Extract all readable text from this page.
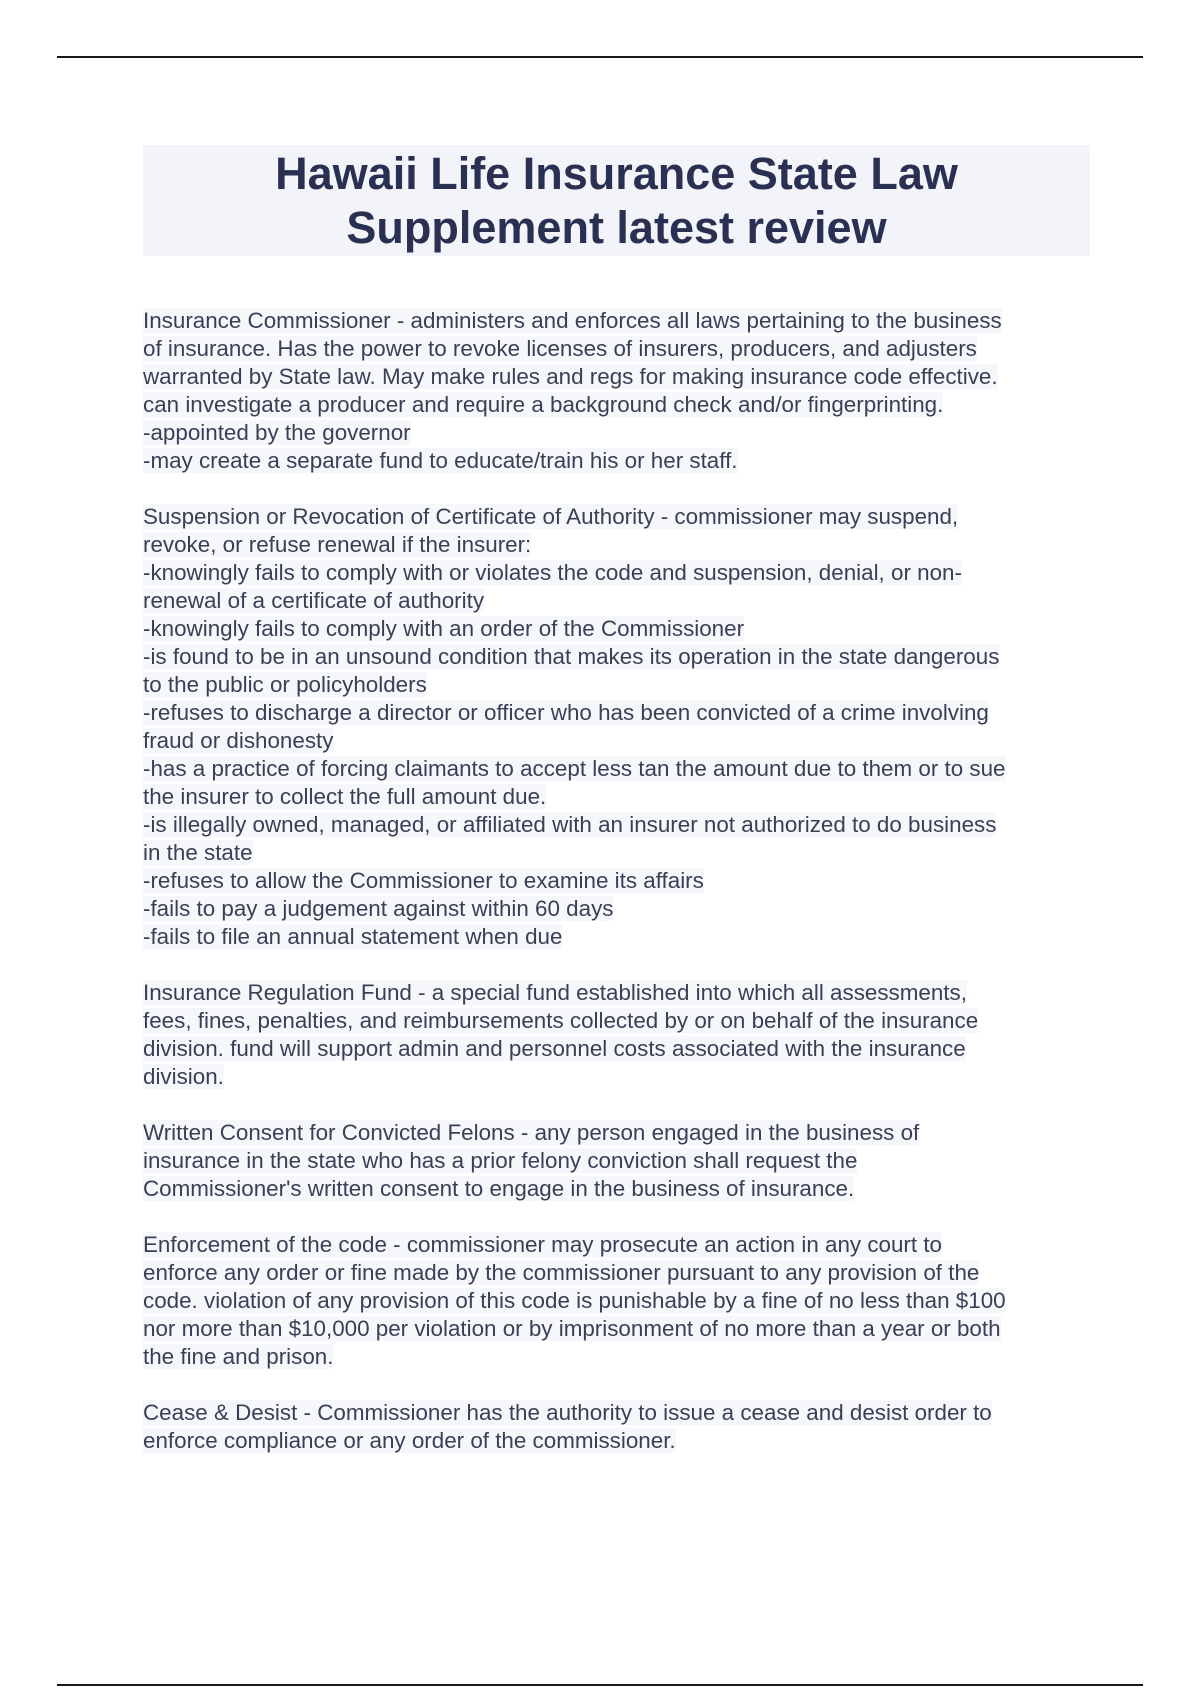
Hawaii Life Insurance State Law
Supplement latest review
Insurance Commissioner - administers and enforces all laws pertaining to the business
of insurance. Has the power to revoke licenses of insurers, producers, and adjusters
warranted by State law. May make rules and regs for making insurance code effective.
can investigate a producer and require a background check and/or fingerprinting.
-appointed by the governor
-may create a separate fund to educate/train his or her staff.
Suspension or Revocation of Certificate of Authority - commissioner may suspend,
revoke, or refuse renewal if the insurer:
-knowingly fails to comply with or violates the code and suspension, denial, or non-
renewal of a certificate of authority
-knowingly fails to comply with an order of the Commissioner
-is found to be in an unsound condition that makes its operation in the state dangerous
to the public or policyholders
-refuses to discharge a director or officer who has been convicted of a crime involving
fraud or dishonesty
-has a practice of forcing claimants to accept less tan the amount due to them or to sue
the insurer to collect the full amount due.
-is illegally owned, managed, or affiliated with an insurer not authorized to do business
in the state
-refuses to allow the Commissioner to examine its affairs
-fails to pay a judgement against within 60 days
-fails to file an annual statement when due
Insurance Regulation Fund - a special fund established into which all assessments,
fees, fines, penalties, and reimbursements collected by or on behalf of the insurance
division. fund will support admin and personnel costs associated with the insurance
division.
Written Consent for Convicted Felons - any person engaged in the business of
insurance in the state who has a prior felony conviction shall request the
Commissioner's written consent to engage in the business of insurance.
Enforcement of the code - commissioner may prosecute an action in any court to
enforce any order or fine made by the commissioner pursuant to any provision of the
code. violation of any provision of this code is punishable by a fine of no less than $100
nor more than $10,000 per violation or by imprisonment of no more than a year or both
the fine and prison.
Cease & Desist - Commissioner has the authority to issue a cease and desist order to
enforce compliance or any order of the commissioner.
